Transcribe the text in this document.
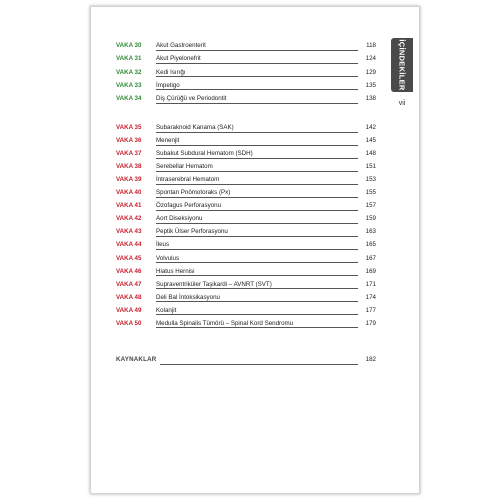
İÇİNDEKİLER
vii
VAKA 30 Akut Gastroenterit	118
VAKA 31 Akut Piyelonefrit	124
VAKA 32 Kedi Isırığı	129
VAKA 33 İmpetigo	135
VAKA 34 Diş Çürüğü ve Periodontit	138
VAKA 35 Subaraknoid Kanama (SAK)	142
VAKA 36 Menenjit	145
VAKA 37 Subakut Subdural Hematom (SDH)	148
VAKA 38 Serebellar Hematom	151
VAKA 39 İntraserebral Hematom	153
VAKA 40 Spontan Pnömotoraks (Px)	155
VAKA 41 Özofagus Perforasyonu	157
VAKA 42 Aort Diseksiyonu	159
VAKA 43 Peptik Ülser Perforasyonu	163
VAKA 44 İleus	165
VAKA 45 Volvulus	167
VAKA 46 Hiatus Hernisi	169
VAKA 47 Supraventriküler Taşikardi – AVNRT (SVT)	171
VAKA 48 Deli Bal İntoksikasyonu	174
VAKA 49 Kolanjit	177
VAKA 50 Medulla Spinalis Tümörü – Spinal Kord Sendromu	179
KAYNAKLAR	182
